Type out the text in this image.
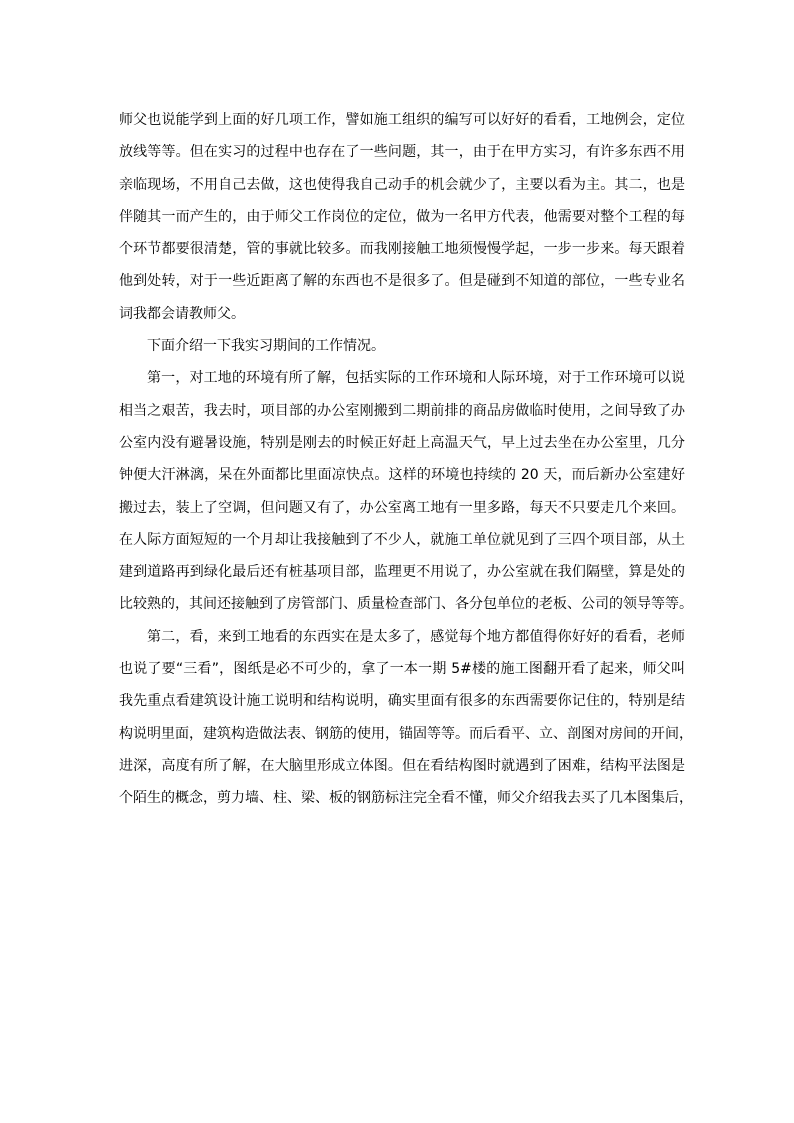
师父也说能学到上面的好几项工作，譬如施工组织的编写可以好好的看看，工地例会，定位
放线等等。但在实习的过程中也存在了一些问题，其一，由于在甲方实习，有许多东西不用
亲临现场，不用自己去做，这也使得我自己动手的机会就少了，主要以看为主。其二，也是
伴随其一而产生的，由于师父工作岗位的定位，做为一名甲方代表，他需要对整个工程的每
个环节都要很清楚，管的事就比较多。而我刚接触工地须慢慢学起，一步一步来。每天跟着
他到处转，对于一些近距离了解的东西也不是很多了。但是碰到不知道的部位，一些专业名
词我都会请教师父。
下面介绍一下我实习期间的工作情况。
第一，对工地的环境有所了解，包括实际的工作环境和人际环境，对于工作环境可以说
相当之艰苦，我去时，项目部的办公室刚搬到二期前排的商品房做临时使用，之间导致了办
公室内没有避暑设施，特别是刚去的时候正好赶上高温天气，早上过去坐在办公室里，几分
钟便大汗淋漓，呆在外面都比里面凉快点。这样的环境也持续的 20 天，而后新办公室建好
搬过去，装上了空调，但问题又有了，办公室离工地有一里多路，每天不只要走几个来回。
在人际方面短短的一个月却让我接触到了不少人，就施工单位就见到了三四个项目部，从土
建到道路再到绿化最后还有桩基项目部，监理更不用说了，办公室就在我们隔壁，算是处的
比较熟的，其间还接触到了房管部门、质量检查部门、各分包单位的老板、公司的领导等等。
第二，看，来到工地看的东西实在是太多了，感觉每个地方都值得你好好的看看，老师
也说了要“三看”，图纸是必不可少的，拿了一本一期 5#楼的施工图翻开看了起来，师父叫
我先重点看建筑设计施工说明和结构说明，确实里面有很多的东西需要你记住的，特别是结
构说明里面，建筑构造做法表、钢筋的使用，锚固等等。而后看平、立、剖图对房间的开间，
进深，高度有所了解，在大脑里形成立体图。但在看结构图时就遇到了困难，结构平法图是
个陌生的概念，剪力墙、柱、梁、板的钢筋标注完全看不懂，师父介绍我去买了几本图集后，
